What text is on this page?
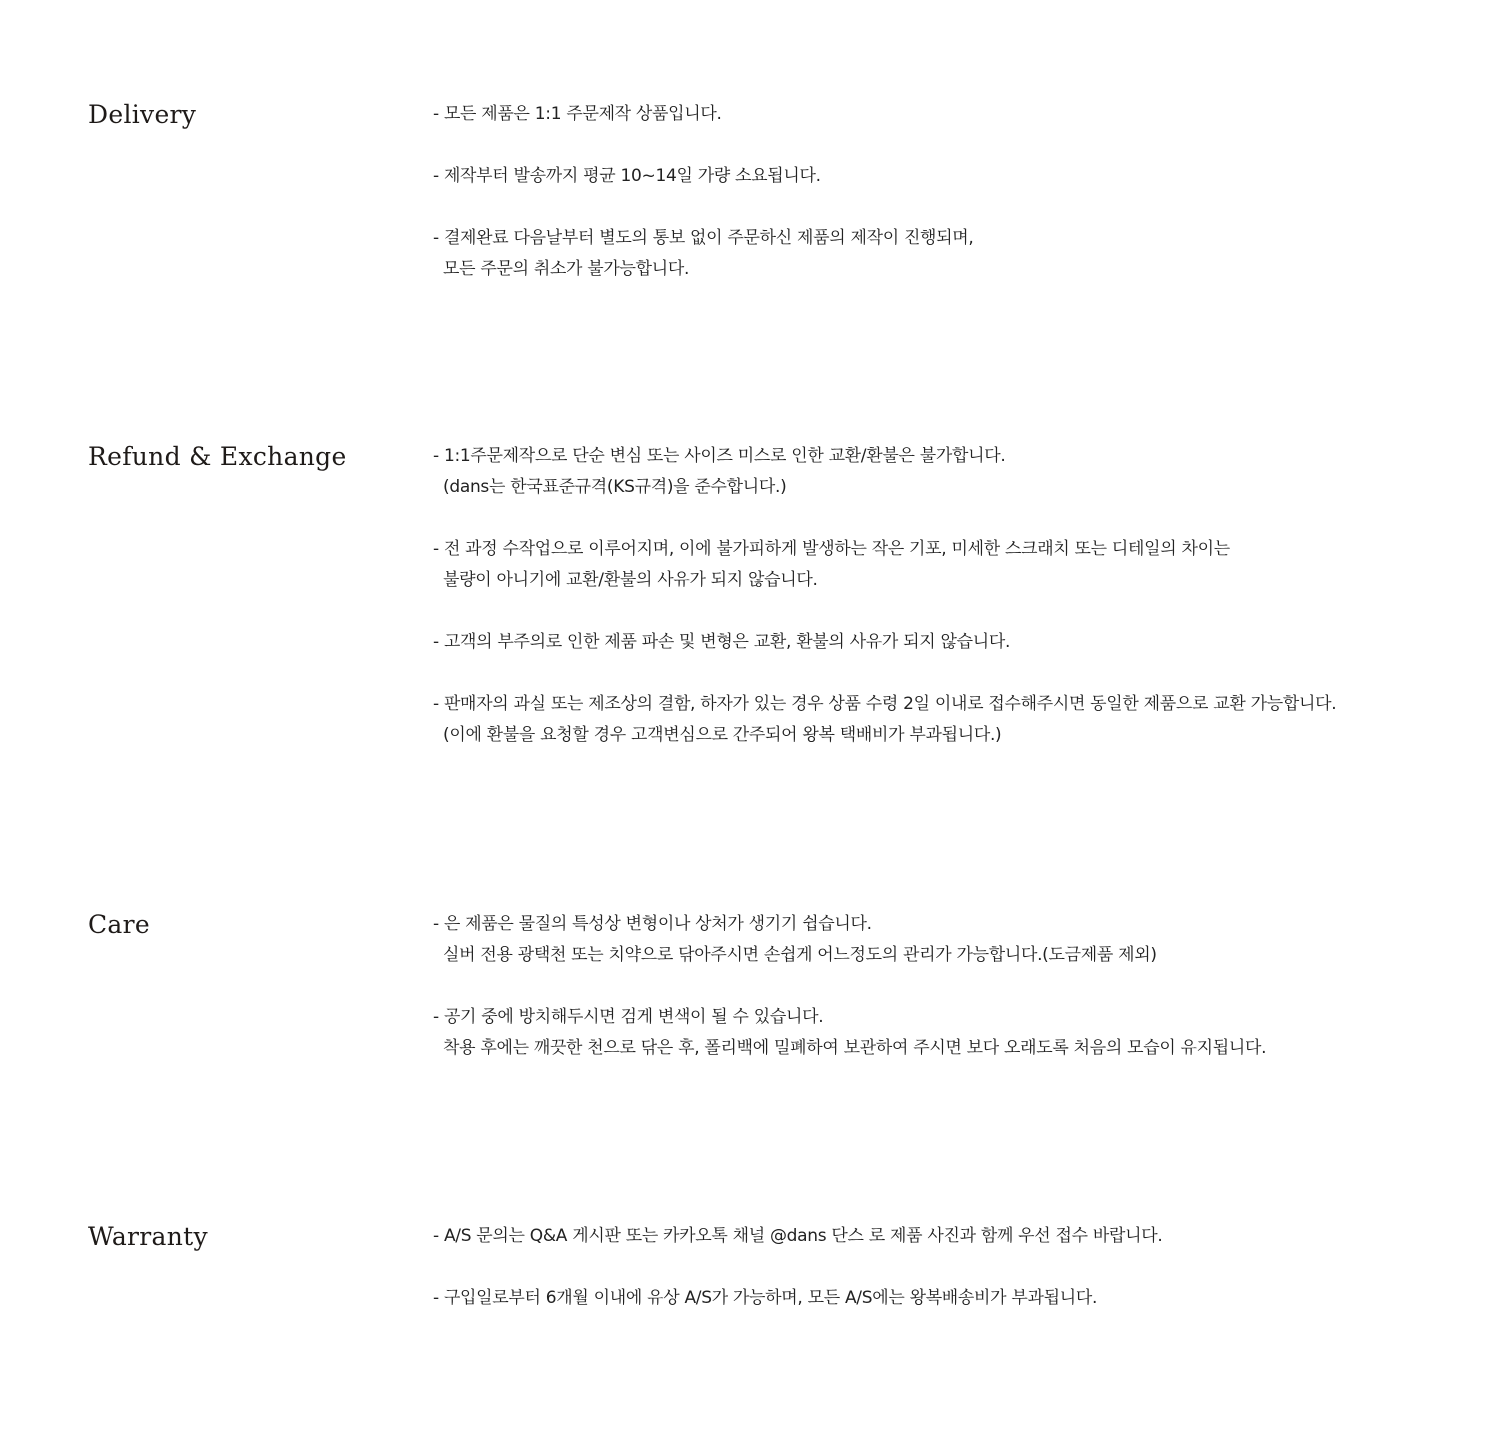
Delivery	- 모든 제품은 1:1 주문제작 상품입니다.

- 제작부터 발송까지 평균 10~14일 가량 소요됩니다.

- 결제완료 다음날부터 별도의 통보 없이 주문하신 제품의 제작이 진행되며,
모든 주문의 취소가 불가능합니다.

Refund & Exchange	- 1:1주문제작으로 단순 변심 또는 사이즈 미스로 인한 교환/환불은 불가합니다.
(dans는 한국표준규격(KS규격)을 준수합니다.)

- 전 과정 수작업으로 이루어지며, 이에 불가피하게 발생하는 작은 기포, 미세한 스크래치 또는 디테일의 차이는
불량이 아니기에 교환/환불의 사유가 되지 않습니다.

- 고객의 부주의로 인한 제품 파손 및 변형은 교환, 환불의 사유가 되지 않습니다.

- 판매자의 과실 또는 제조상의 결함, 하자가 있는 경우 상품 수령 2일 이내로 접수해주시면 동일한 제품으로 교환 가능합니다.
(이에 환불을 요청할 경우 고객변심으로 간주되어 왕복 택배비가 부과됩니다.)

Care	- 은 제품은 물질의 특성상 변형이나 상처가 생기기 쉽습니다.
실버 전용 광택천 또는 치약으로 닦아주시면 손쉽게 어느정도의 관리가 가능합니다.(도금제품 제외)

- 공기 중에 방치해두시면 검게 변색이 될 수 있습니다.
착용 후에는 깨끗한 천으로 닦은 후, 폴리백에 밀폐하여 보관하여 주시면 보다 오래도록 처음의 모습이 유지됩니다.

Warranty	- A/S 문의는 Q&A 게시판 또는 카카오톡 채널 @dans 단스 로 제품 사진과 함께 우선 접수 바랍니다.

- 구입일로부터 6개월 이내에 유상 A/S가 가능하며, 모든 A/S에는 왕복배송비가 부과됩니다.
